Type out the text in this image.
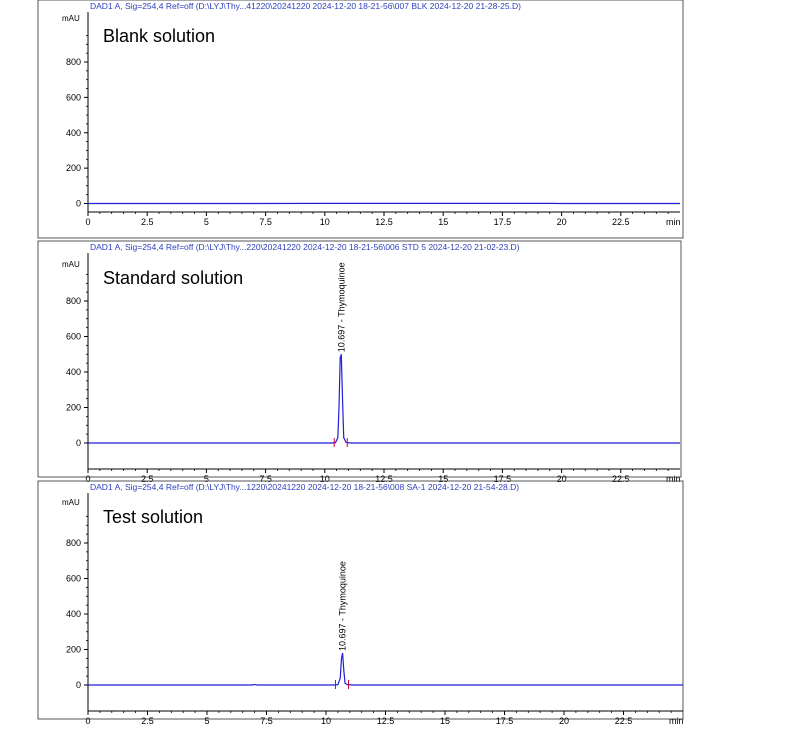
DAD1 A, Sig=254,4 Ref=off (D:\LYJ\Thy...41220\20241220 2024-12-20 18-21-56\007 BLK 2024-12-20 21-28-25.D)
Blank solution
mAU
0
200
400
600
800
0	2.5	5	7.5	10	12.5	15	17.5	20	22.5	min
DAD1 A, Sig=254,4 Ref=off (D:\LYJ\Thy...220\20241220 2024-12-20 18-21-56\006 STD 5 2024-12-20 21-02-23.D)
Standard solution
mAU
0
200
400
600
800
0	2.5	5	7.5	10	12.5	15	17.5	20	22.5	min
10.697 - Thymoquinoe
DAD1 A, Sig=254,4 Ref=off (D:\LYJ\Thy...1220\20241220 2024-12-20 18-21-56\008 SA-1 2024-12-20 21-54-28.D)
Test solution
mAU
0
200
400
600
800
0	2.5	5	7.5	10	12.5	15	17.5	20	22.5	min
10.697 - Thymoquinoe
